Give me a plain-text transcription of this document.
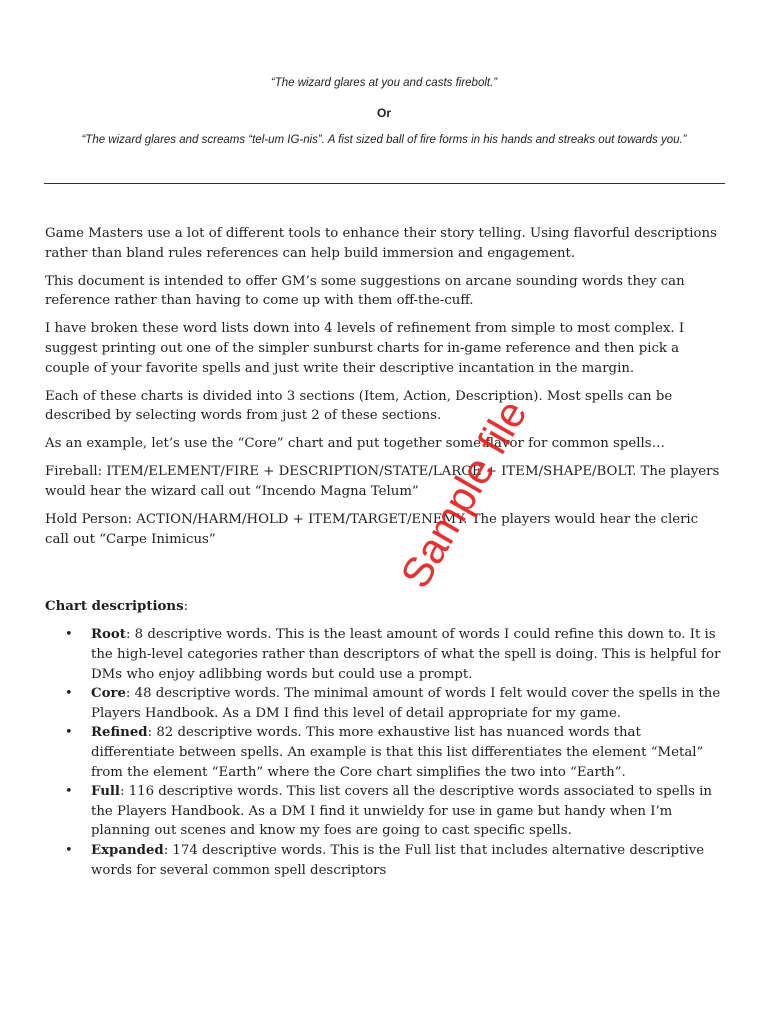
“The wizard glares at you and casts firebolt.”
Or
“The wizard glares and screams “tel-um IG-nis”. A fist sized ball of fire forms in his hands and streaks out towards you.”

Game Masters use a lot of different tools to enhance their story telling. Using flavorful descriptions rather than bland rules references can help build immersion and engagement.

This document is intended to offer GM’s some suggestions on arcane sounding words they can reference rather than having to come up with them off-the-cuff.

I have broken these word lists down into 4 levels of refinement from simple to most complex. I suggest printing out one of the simpler sunburst charts for in-game reference and then pick a couple of your favorite spells and just write their descriptive incantation in the margin.

Each of these charts is divided into 3 sections (Item, Action, Description). Most spells can be described by selecting words from just 2 of these sections.

As an example, let’s use the “Core” chart and put together some flavor for common spells…

Fireball: ITEM/ELEMENT/FIRE + DESCRIPTION/STATE/LARGE + ITEM/SHAPE/BOLT. The players would hear the wizard call out “Incendo Magna Telum”

Hold Person: ACTION/HARM/HOLD + ITEM/TARGET/ENEMY. The players would hear the cleric call out “Carpe Inimicus”

Chart descriptions:

• Root: 8 descriptive words. This is the least amount of words I could refine this down to. It is the high-level categories rather than descriptors of what the spell is doing. This is helpful for DMs who enjoy adlibbing words but could use a prompt.
• Core: 48 descriptive words. The minimal amount of words I felt would cover the spells in the Players Handbook. As a DM I find this level of detail appropriate for my game.
• Refined: 82 descriptive words. This more exhaustive list has nuanced words that differentiate between spells. An example is that this list differentiates the element “Metal” from the element “Earth” where the Core chart simplifies the two into “Earth”.
• Full: 116 descriptive words. This list covers all the descriptive words associated to spells in the Players Handbook. As a DM I find it unwieldy for use in game but handy when I’m planning out scenes and know my foes are going to cast specific spells.
• Expanded: 174 descriptive words. This is the Full list that includes alternative descriptive words for several common spell descriptors
Sample file
